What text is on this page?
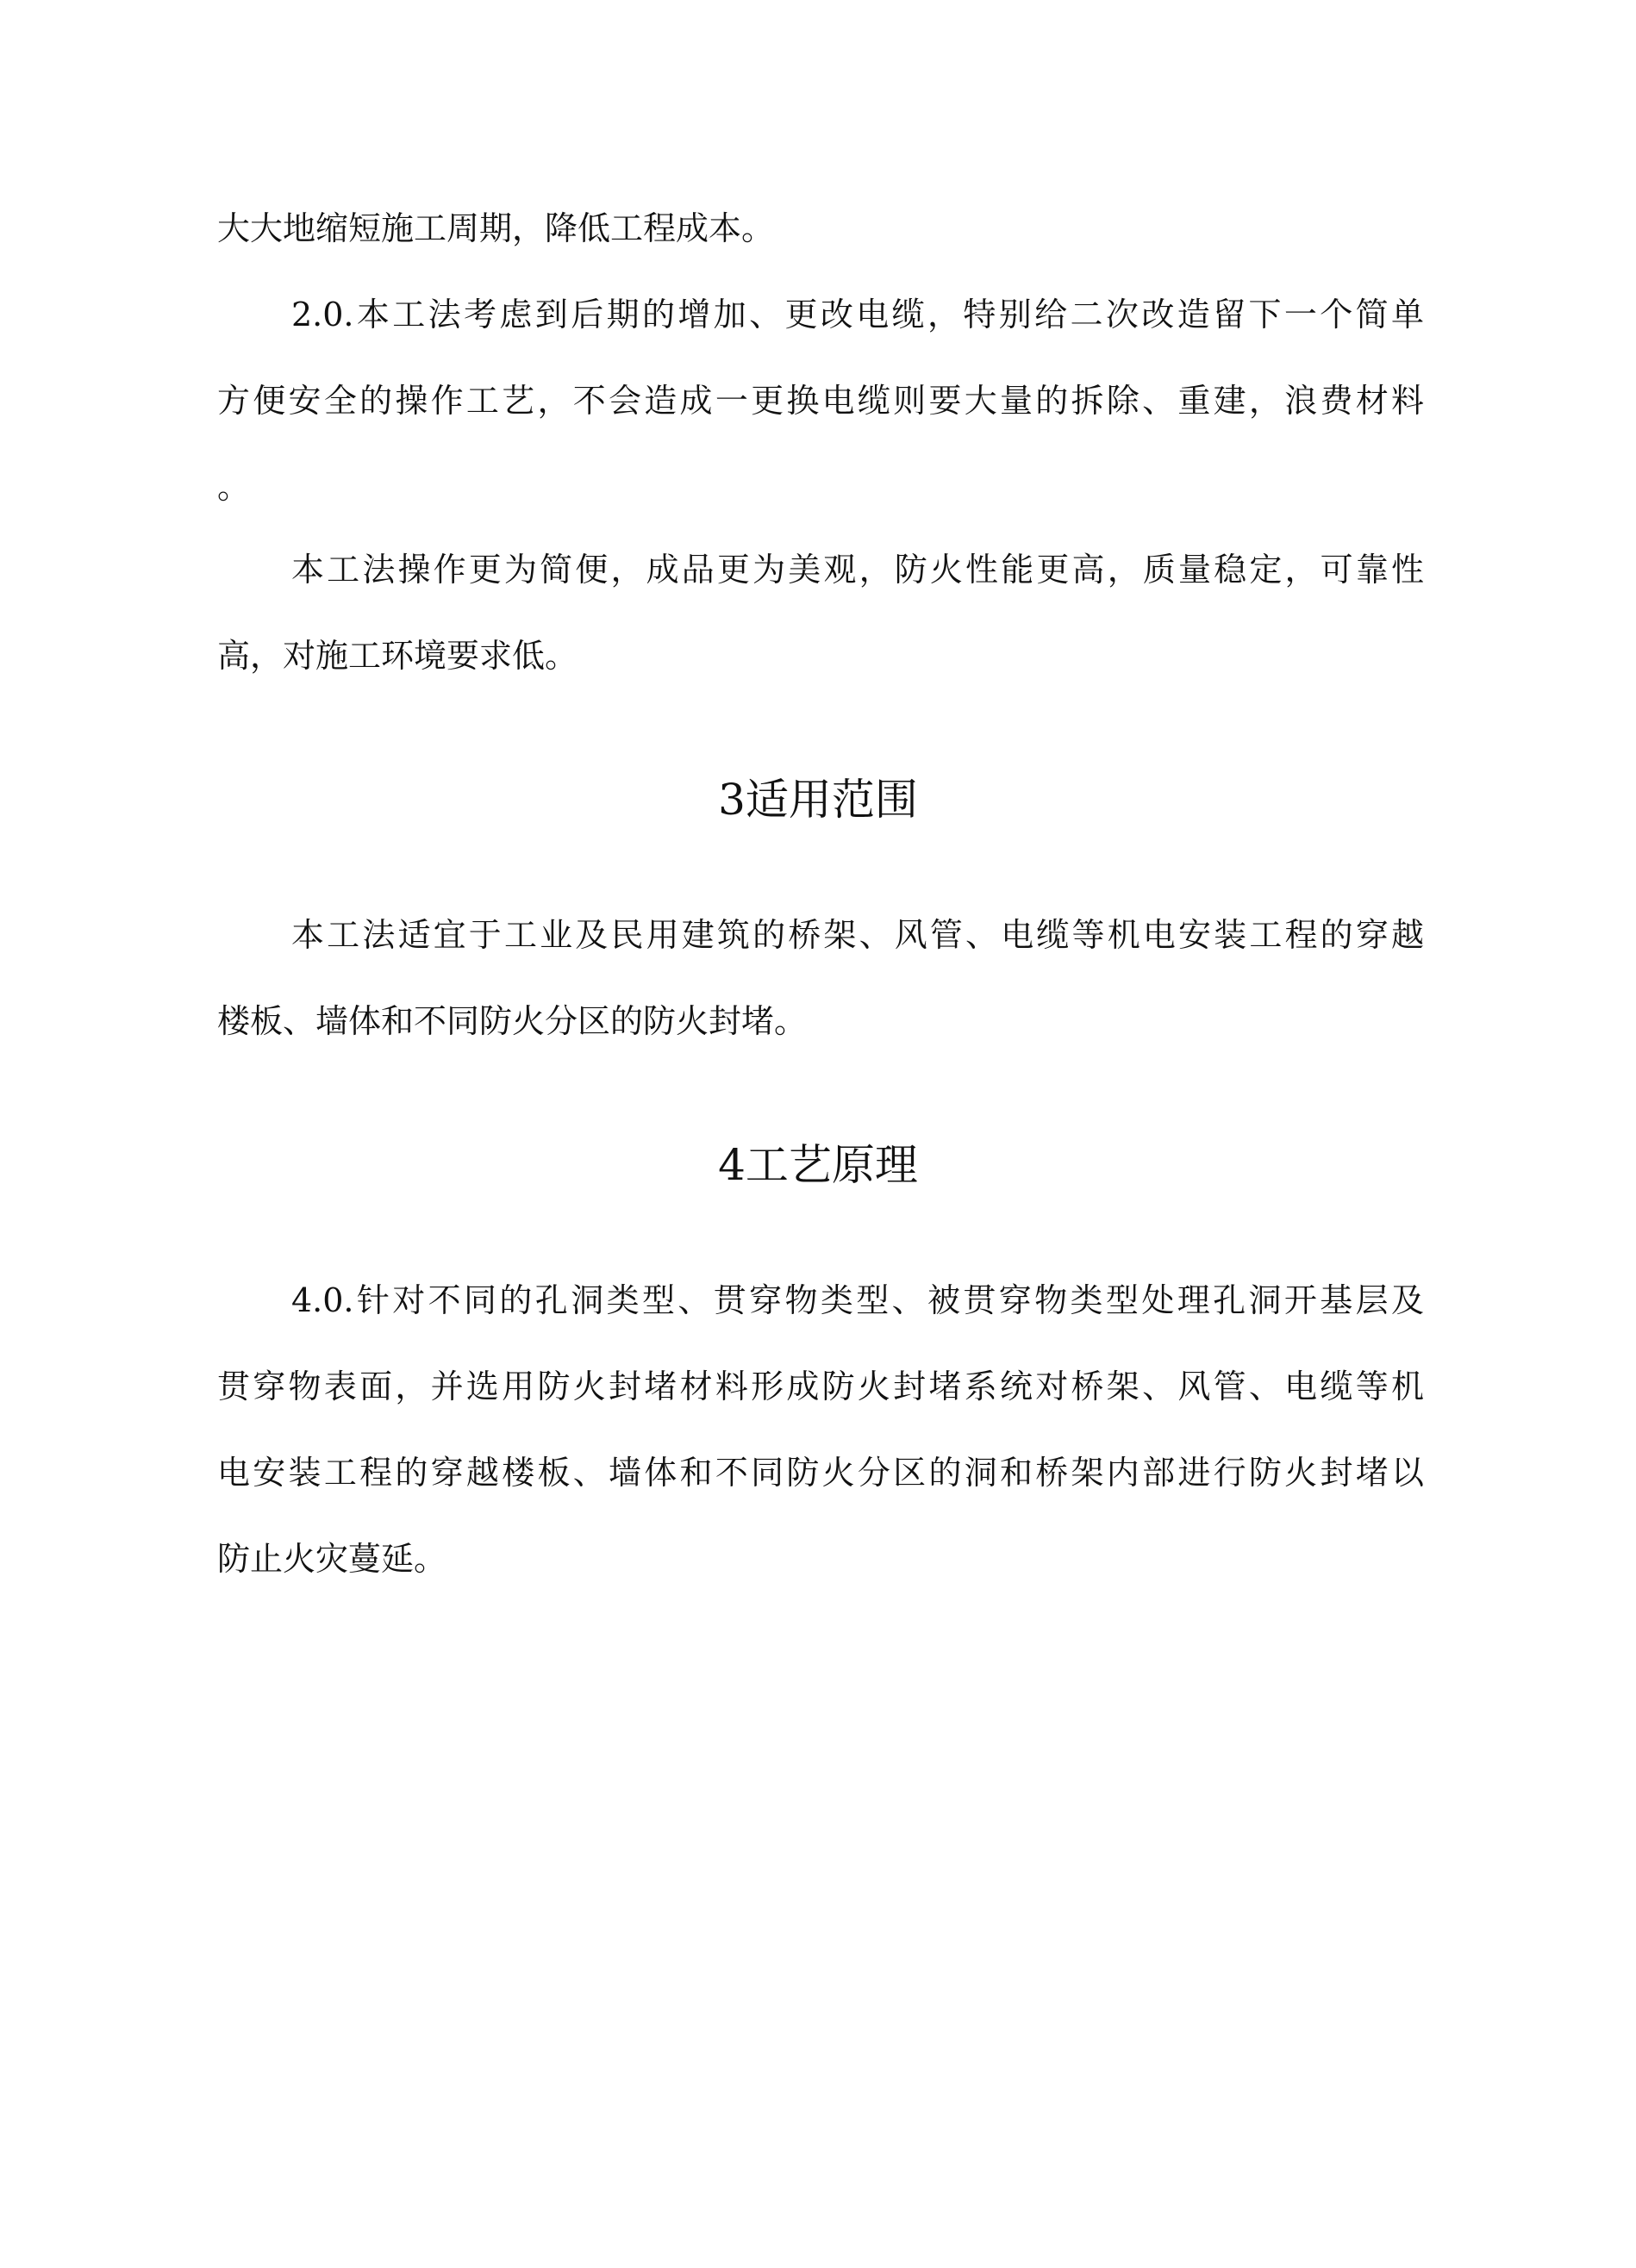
大大地缩短施工周期，降低工程成本。
2.0.本工法考虑到后期的增加、更改电缆，特别给二次改造留下一个简单
方便安全的操作工艺，不会造成一更换电缆则要大量的拆除、重建，浪费材料
。
本工法操作更为简便，成品更为美观，防火性能更高，质量稳定，可靠性
高，对施工环境要求低。
3适用范围
本工法适宜于工业及民用建筑的桥架、风管、电缆等机电安装工程的穿越
楼板、墙体和不同防火分区的防火封堵。
4工艺原理
4.0.针对不同的孔洞类型、贯穿物类型、被贯穿物类型处理孔洞开基层及
贯穿物表面，并选用防火封堵材料形成防火封堵系统对桥架、风管、电缆等机
电安装工程的穿越楼板、墙体和不同防火分区的洞和桥架内部进行防火封堵以
防止火灾蔓延。
